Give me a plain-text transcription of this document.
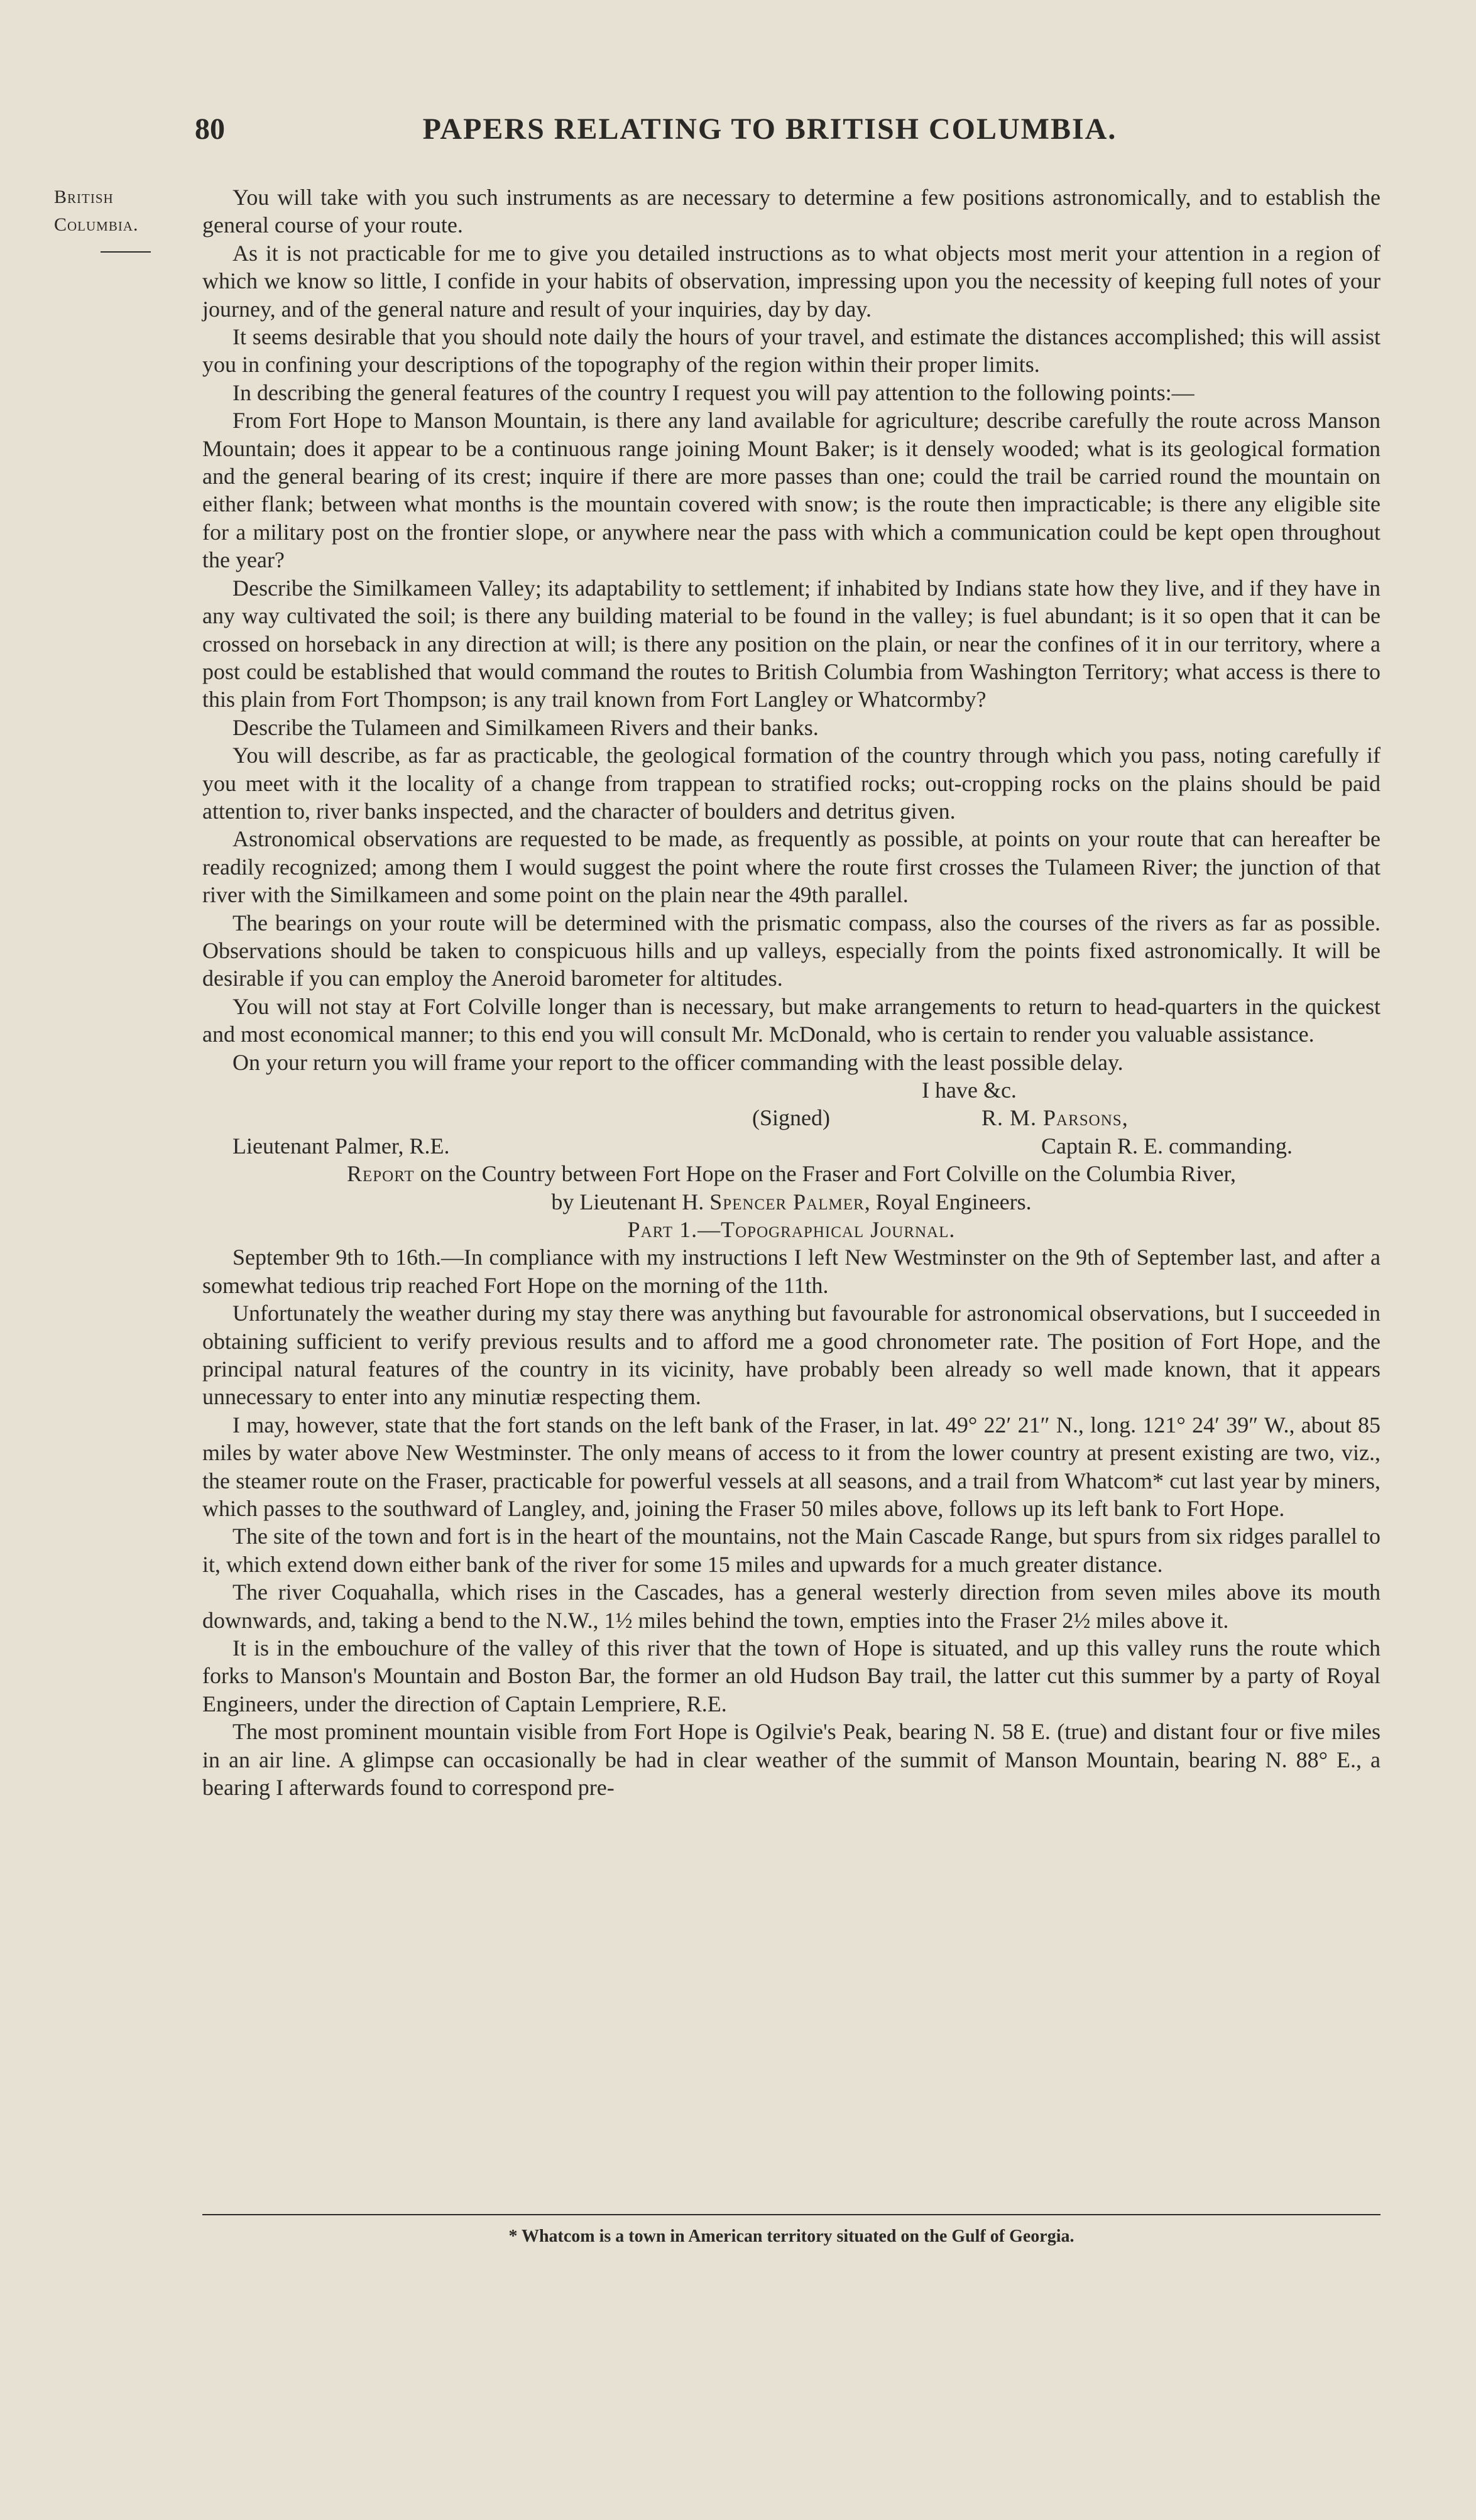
80	PAPERS RELATING TO BRITISH COLUMBIA.
British
Columbia.

You will take with you such instruments as are necessary to determine a few positions astronomically, and to establish the general course of your route.

As it is not practicable for me to give you detailed instructions as to what objects most merit your attention in a region of which we know so little, I confide in your habits of observation, impressing upon you the necessity of keeping full notes of your journey, and of the general nature and result of your inquiries, day by day.

It seems desirable that you should note daily the hours of your travel, and estimate the distances accomplished; this will assist you in confining your descriptions of the topography of the region within their proper limits.

In describing the general features of the country I request you will pay attention to the following points:—

From Fort Hope to Manson Mountain, is there any land available for agriculture; describe carefully the route across Manson Mountain; does it appear to be a continuous range joining Mount Baker; is it densely wooded; what is its geological formation and the general bearing of its crest; inquire if there are more passes than one; could the trail be carried round the mountain on either flank; between what months is the mountain covered with snow; is the route then impracticable; is there any eligible site for a military post on the frontier slope, or anywhere near the pass with which a communication could be kept open throughout the year?

Describe the Similkameen Valley; its adaptability to settlement; if inhabited by Indians state how they live, and if they have in any way cultivated the soil; is there any building material to be found in the valley; is fuel abundant; is it so open that it can be crossed on horseback in any direction at will; is there any position on the plain, or near the confines of it in our territory, where a post could be established that would command the routes to British Columbia from Washington Territory; what access is there to this plain from Fort Thompson; is any trail known from Fort Langley or Whatcormby?

Describe the Tulameen and Similkameen Rivers and their banks.

You will describe, as far as practicable, the geological formation of the country through which you pass, noting carefully if you meet with it the locality of a change from trappean to stratified rocks; out-cropping rocks on the plains should be paid attention to, river banks inspected, and the character of boulders and detritus given.

Astronomical observations are requested to be made, as frequently as possible, at points on your route that can hereafter be readily recognized; among them I would suggest the point where the route first crosses the Tulameen River; the junction of that river with the Similkameen and some point on the plain near the 49th parallel.

The bearings on your route will be determined with the prismatic compass, also the courses of the rivers as far as possible. Observations should be taken to conspicuous hills and up valleys, especially from the points fixed astronomically. It will be desirable if you can employ the Aneroid barometer for altitudes.

You will not stay at Fort Colville longer than is necessary, but make arrangements to return to head-quarters in the quickest and most economical manner; to this end you will consult Mr. McDonald, who is certain to render you valuable assistance.

On your return you will frame your report to the officer commanding with the least possible delay.

I have &c.
(Signed)	R. M. Parsons,
Lieutenant Palmer, R.E.	Captain R. E. commanding.

Report on the Country between Fort Hope on the Fraser and Fort Colville on the Columbia River,
by Lieutenant H. Spencer Palmer, Royal Engineers.

Part 1.—Topographical Journal.

September 9th to 16th.—In compliance with my instructions I left New Westminster on the 9th of September last, and after a somewhat tedious trip reached Fort Hope on the morning of the 11th.

Unfortunately the weather during my stay there was anything but favourable for astronomical observations, but I succeeded in obtaining sufficient to verify previous results and to afford me a good chronometer rate. The position of Fort Hope, and the principal natural features of the country in its vicinity, have probably been already so well made known, that it appears unnecessary to enter into any minutiæ respecting them.

I may, however, state that the fort stands on the left bank of the Fraser, in lat. 49° 22′ 21″ N., long. 121° 24′ 39″ W., about 85 miles by water above New Westminster. The only means of access to it from the lower country at present existing are two, viz., the steamer route on the Fraser, practicable for powerful vessels at all seasons, and a trail from Whatcom* cut last year by miners, which passes to the southward of Langley, and, joining the Fraser 50 miles above, follows up its left bank to Fort Hope.

The site of the town and fort is in the heart of the mountains, not the Main Cascade Range, but spurs from six ridges parallel to it, which extend down either bank of the river for some 15 miles and upwards for a much greater distance.

The river Coquahalla, which rises in the Cascades, has a general westerly direction from seven miles above its mouth downwards, and, taking a bend to the N.W., 1½ miles behind the town, empties into the Fraser 2½ miles above it.

It is in the embouchure of the valley of this river that the town of Hope is situated, and up this valley runs the route which forks to Manson's Mountain and Boston Bar, the former an old Hudson Bay trail, the latter cut this summer by a party of Royal Engineers, under the direction of Captain Lempriere, R.E.

The most prominent mountain visible from Fort Hope is Ogilvie's Peak, bearing N. 58 E. (true) and distant four or five miles in an air line. A glimpse can occasionally be had in clear weather of the summit of Manson Mountain, bearing N. 88° E., a bearing I afterwards found to correspond pre-

* Whatcom is a town in American territory situated on the Gulf of Georgia.
